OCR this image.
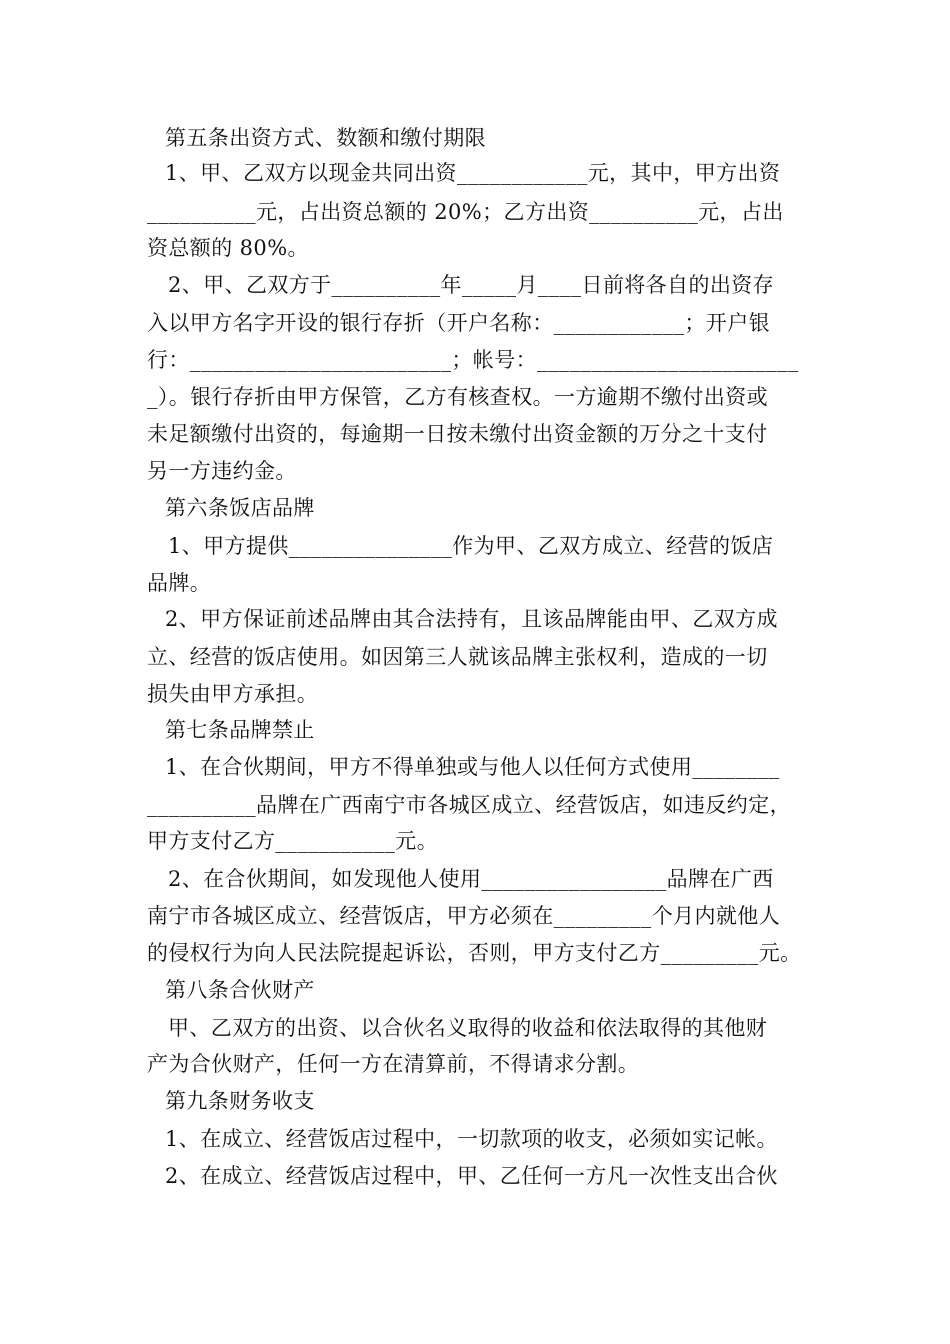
第五条出资方式、数额和缴付期限
1、甲、乙双方以现金共同出资____________元，其中，甲方出资
__________元，占出资总额的 20%；乙方出资__________元，占出
资总额的 80%。
2、甲、乙双方于__________年_____月____日前将各自的出资存
入以甲方名字开设的银行存折（开户名称：____________；开户银
行：________________________；帐号：________________________
_）。银行存折由甲方保管，乙方有核查权。一方逾期不缴付出资或
未足额缴付出资的，每逾期一日按未缴付出资金额的万分之十支付
另一方违约金。
第六条饭店品牌
1、甲方提供_______________作为甲、乙双方成立、经营的饭店
品牌。
2、甲方保证前述品牌由其合法持有，且该品牌能由甲、乙双方成
立、经营的饭店使用。如因第三人就该品牌主张权利，造成的一切
损失由甲方承担。
第七条品牌禁止
1、在合伙期间，甲方不得单独或与他人以任何方式使用________
__________品牌在广西南宁市各城区成立、经营饭店，如违反约定，
甲方支付乙方___________元。
2、在合伙期间，如发现他人使用_________________品牌在广西
南宁市各城区成立、经营饭店，甲方必须在_________个月内就他人
的侵权行为向人民法院提起诉讼，否则，甲方支付乙方_________元。
第八条合伙财产
甲、乙双方的出资、以合伙名义取得的收益和依法取得的其他财
产为合伙财产，任何一方在清算前，不得请求分割。
第九条财务收支
1、在成立、经营饭店过程中，一切款项的收支，必须如实记帐。
2、在成立、经营饭店过程中，甲、乙任何一方凡一次性支出合伙
